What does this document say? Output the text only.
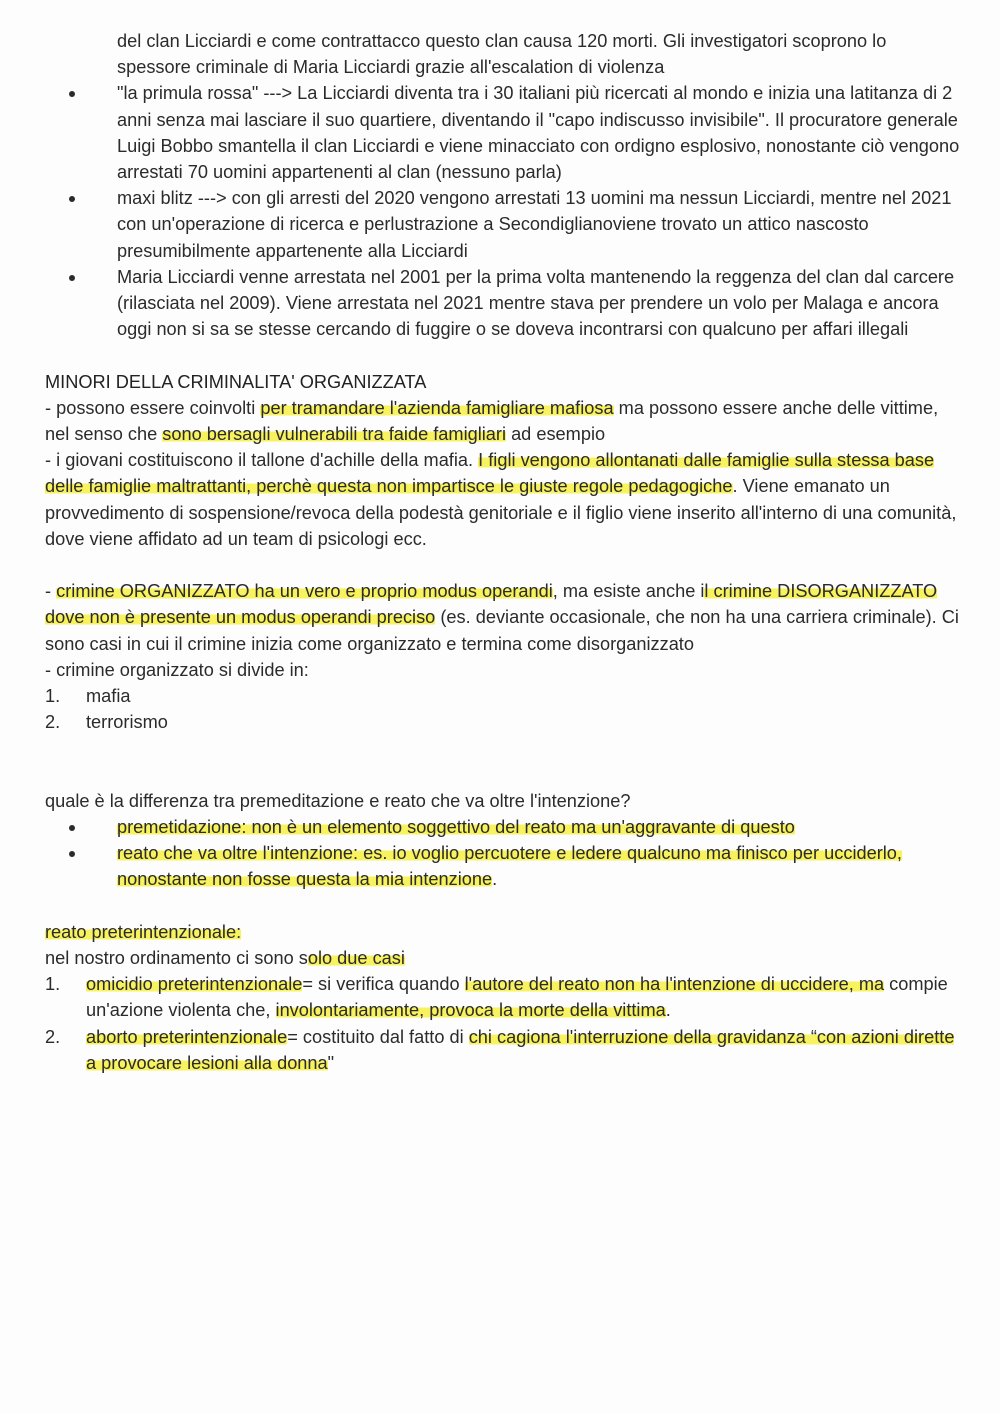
del clan Licciardi e come contrattacco questo clan causa 120 morti. Gli investigatori scoprono lo spessore criminale di Maria Licciardi grazie all'escalation di violenza

"la primula rossa" ---> La Licciardi diventa tra i 30 italiani più ricercati al mondo e inizia una latitanza di 2 anni senza mai lasciare il suo quartiere, diventando il "capo indiscusso invisibile". Il procuratore generale Luigi Bobbo smantella il clan Licciardi e viene minacciato con ordigno esplosivo, nonostante ciò vengono arrestati 70 uomini appartenenti al clan (nessuno parla)

maxi blitz ---> con gli arresti del 2020 vengono arrestati 13 uomini ma nessun Licciardi, mentre nel 2021 con un'operazione di ricerca e perlustrazione a Secondiglianoviene trovato un attico nascosto presumibilmente appartenente alla Licciardi

Maria Licciardi venne arrestata nel 2001 per la prima volta mantenendo la reggenza del clan dal carcere (rilasciata nel 2009). Viene arrestata nel 2021 mentre stava per prendere un volo per Malaga e ancora oggi non si sa se stesse cercando di fuggire o se doveva incontrarsi con qualcuno per affari illegali

MINORI DELLA CRIMINALITA' ORGANIZZATA

- possono essere coinvolti per tramandare l'azienda famigliare mafiosa ma possono essere anche delle vittime, nel senso che sono bersagli vulnerabili tra faide famigliari ad esempio

- i giovani costituiscono il tallone d'achille della mafia. I figli vengono allontanati dalle famiglie sulla stessa base delle famiglie maltrattanti, perchè questa non impartisce le giuste regole pedagogiche. Viene emanato un provvedimento di sospensione/revoca della podestà genitoriale e il figlio viene inserito all'interno di una comunità, dove viene affidato ad un team di psicologi ecc.

- crimine ORGANIZZATO ha un vero e proprio modus operandi, ma esiste anche il crimine DISORGANIZZATO dove non è presente un modus operandi preciso (es. deviante occasionale, che non ha una carriera criminale). Ci sono casi in cui il crimine inizia come organizzato e termina come disorganizzato

- crimine organizzato si divide in:

1. mafia

2. terrorismo

quale è la differenza tra premeditazione e reato che va oltre l'intenzione?

premetidazione: non è un elemento soggettivo del reato ma un'aggravante di questo

reato che va oltre l'intenzione: es. io voglio percuotere e ledere qualcuno ma finisco per ucciderlo, nonostante non fosse questa la mia intenzione.

reato preterintenzionale:

nel nostro ordinamento ci sono solo due casi

1. omicidio preterintenzionale= si verifica quando l'autore del reato non ha l'intenzione di uccidere, ma compie un'azione violenta che, involontariamente, provoca la morte della vittima.

2. aborto preterintenzionale= costituito dal fatto di chi cagiona l'interruzione della gravidanza “con azioni dirette a provocare lesioni alla donna"
